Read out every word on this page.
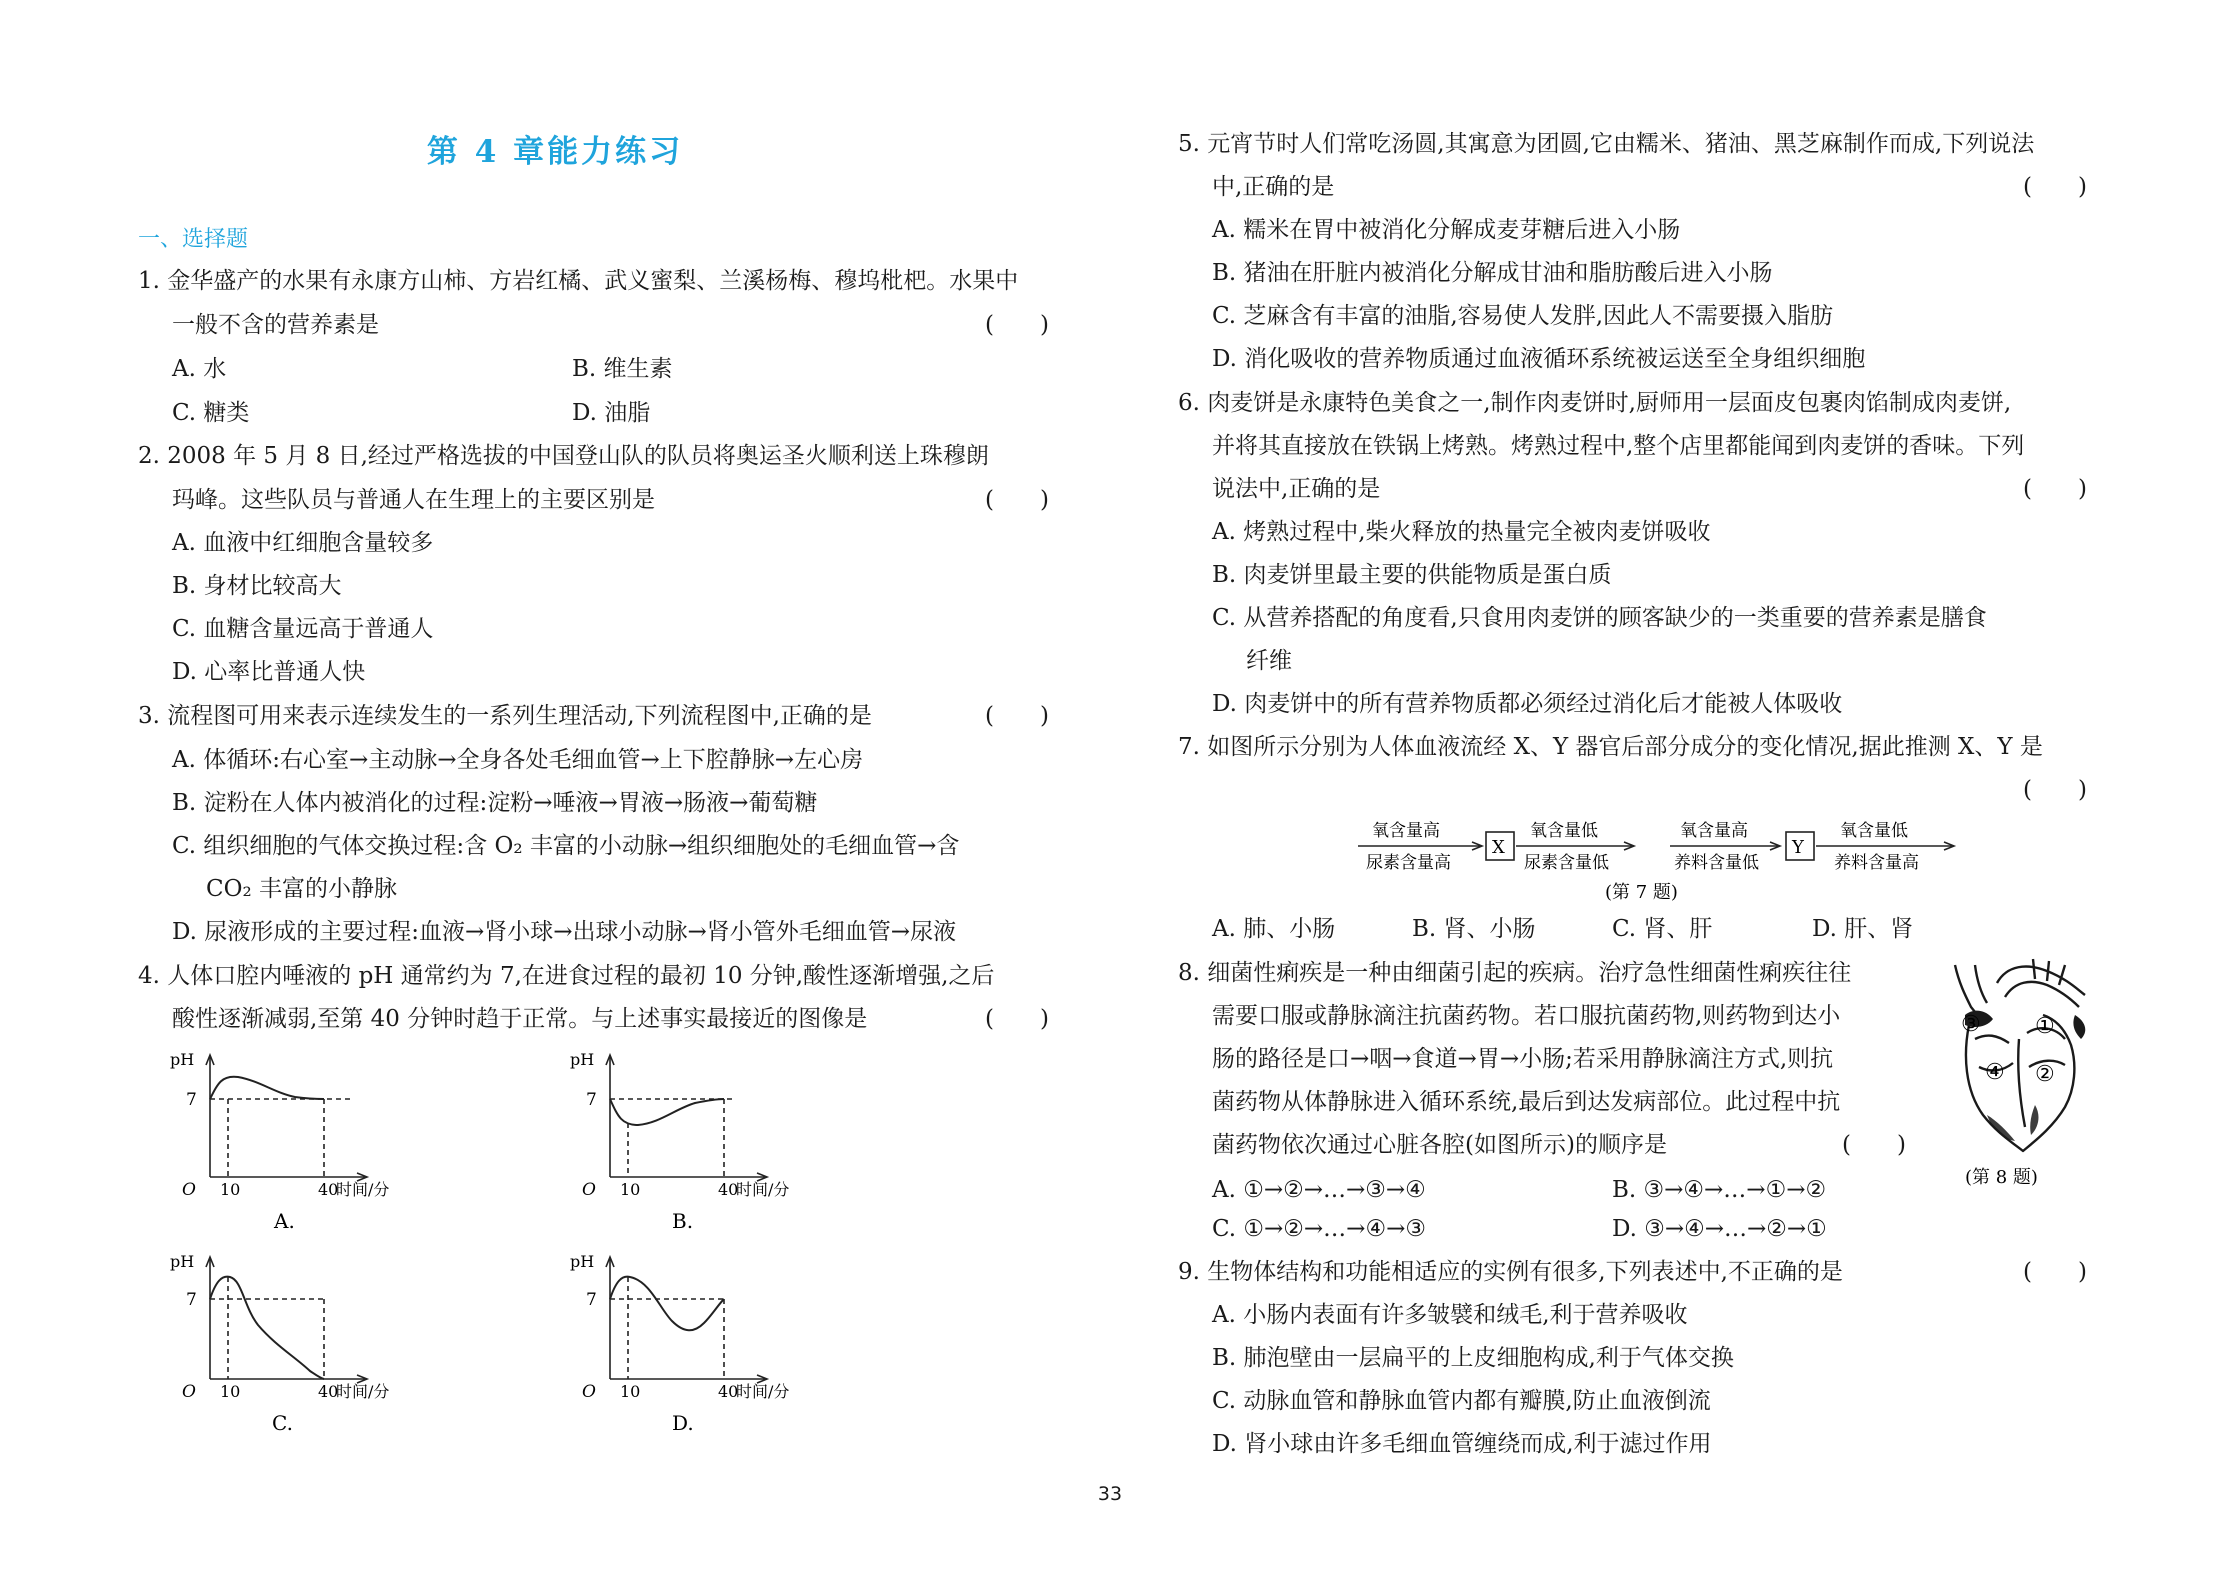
第 4 章能力练习
一、选择题
1. 金华盛产的水果有永康方山柿、方岩红橘、武义蜜梨、兰溪杨梅、穆坞枇杷。水果中
一般不含的营养素是	(　　)
A. 水	B. 维生素
C. 糖类	D. 油脂
2. 2008 年 5 月 8 日,经过严格选拔的中国登山队的队员将奥运圣火顺利送上珠穆朗
玛峰。这些队员与普通人在生理上的主要区别是	(　　)
A. 血液中红细胞含量较多
B. 身材比较高大
C. 血糖含量远高于普通人
D. 心率比普通人快
3. 流程图可用来表示连续发生的一系列生理活动,下列流程图中,正确的是	(　　)
A. 体循环:右心室→主动脉→全身各处毛细血管→上下腔静脉→左心房
B. 淀粉在人体内被消化的过程:淀粉→唾液→胃液→肠液→葡萄糖
C. 组织细胞的气体交换过程:含 O₂ 丰富的小动脉→组织细胞处的毛细血管→含
CO₂ 丰富的小静脉
D. 尿液形成的主要过程:血液→肾小球→出球小动脉→肾小管外毛细血管→尿液
4. 人体口腔内唾液的 pH 通常约为 7,在进食过程的最初 10 分钟,酸性逐渐增强,之后
酸性逐渐减弱,至第 40 分钟时趋于正常。与上述事实最接近的图像是	(　　)
pH
7
O 10	40
时间/分
A.
pH
7
O 10	40
时间/分
B.
pH
7
O 10	40
时间/分
C.
pH
7
O 10	40
时间/分
D.
5. 元宵节时人们常吃汤圆,其寓意为团圆,它由糯米、猪油、黑芝麻制作而成,下列说法
中,正确的是	(　　)
A. 糯米在胃中被消化分解成麦芽糖后进入小肠
B. 猪油在肝脏内被消化分解成甘油和脂肪酸后进入小肠
C. 芝麻含有丰富的油脂,容易使人发胖,因此人不需要摄入脂肪
D. 消化吸收的营养物质通过血液循环系统被运送至全身组织细胞
6. 肉麦饼是永康特色美食之一,制作肉麦饼时,厨师用一层面皮包裹肉馅制成肉麦饼,
并将其直接放在铁锅上烤熟。烤熟过程中,整个店里都能闻到肉麦饼的香味。下列
说法中,正确的是	(　　)
A. 烤熟过程中,柴火释放的热量完全被肉麦饼吸收
B. 肉麦饼里最主要的供能物质是蛋白质
C. 从营养搭配的角度看,只食用肉麦饼的顾客缺少的一类重要的营养素是膳食
纤维
D. 肉麦饼中的所有营养物质都必须经过消化后才能被人体吸收
7. 如图所示分别为人体血液流经 X、Y 器官后部分成分的变化情况,据此推测 X、Y 是
(　　)
氧含量高
尿素含量高
X
氧含量低
尿素含量低
氧含量高
养料含量低
Y
氧含量低
养料含量高
(第 7 题)
A. 肺、小肠	B. 肾、小肠	C. 肾、肝	D. 肝、肾
8. 细菌性痢疾是一种由细菌引起的疾病。治疗急性细菌性痢疾往往
需要口服或静脉滴注抗菌药物。若口服抗菌药物,则药物到达小
肠的路径是口→咽→食道→胃→小肠;若采用静脉滴注方式,则抗
菌药物从体静脉进入循环系统,最后到达发病部位。此过程中抗
菌药物依次通过心脏各腔(如图所示)的顺序是	(　　)
A. ①→②→…→③→④	B. ③→④→…→①→②
C. ①→②→…→④→③	D. ③→④→…→②→①
①
②
③
④
(第 8 题)
9. 生物体结构和功能相适应的实例有很多,下列表述中,不正确的是	(　　)
A. 小肠内表面有许多皱襞和绒毛,利于营养吸收
B. 肺泡壁由一层扁平的上皮细胞构成,利于气体交换
C. 动脉血管和静脉血管内都有瓣膜,防止血液倒流
D. 肾小球由许多毛细血管缠绕而成,利于滤过作用
33
